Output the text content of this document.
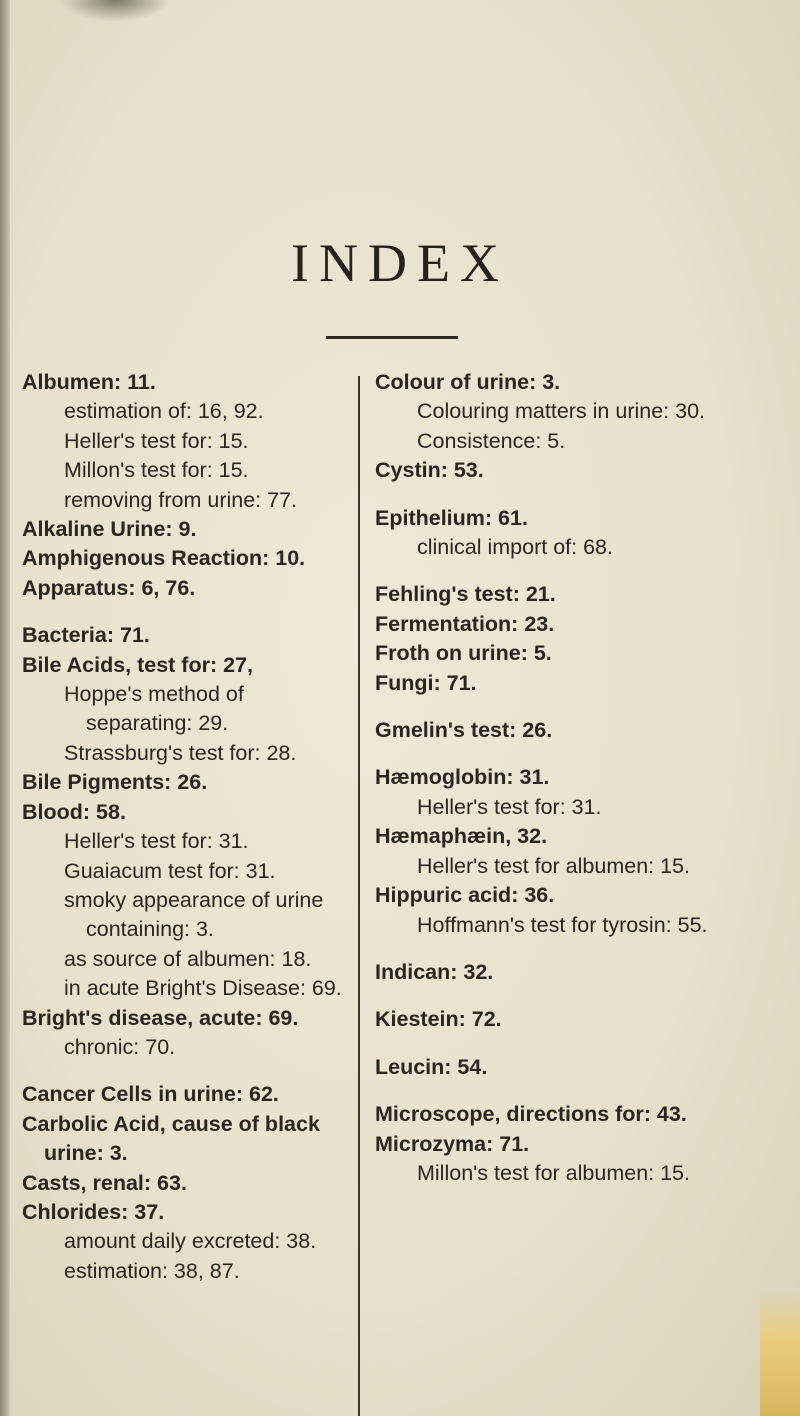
INDEX

Albumen: 11.

estimation of: 16, 92.

Heller's test for: 15.

Millon's test for: 15.

removing from urine: 77.

Alkaline Urine: 9.

Amphigenous Reaction: 10.

Apparatus: 6, 76.

Bacteria: 71.

Bile Acids, test for: 27,

Hoppe's method of separating: 29.

Strassburg's test for: 28.

Bile Pigments: 26.

Blood: 58.

Heller's test for: 31.

Guaiacum test for: 31.

smoky appearance of urine containing: 3.

as source of albumen: 18.

in acute Bright's Disease: 69.

Bright's disease, acute: 69.

chronic: 70.

Cancer Cells in urine: 62.

Carbolic Acid, cause of black urine: 3.

Casts, renal: 63.

Chlorides: 37.

amount daily excreted: 38.

estimation: 38, 87.

Colour of urine: 3.

Colouring matters in urine: 30.

Consistence: 5.

Cystin: 53.

Epithelium: 61.

clinical import of: 68.

Fehling's test: 21.

Fermentation: 23.

Froth on urine: 5.

Fungi: 71.

Gmelin's test: 26.

Hæmoglobin: 31.

Heller's test for: 31.

Hæmaphæin, 32.

Heller's test for albumen: 15.

Hippuric acid: 36.

Hoffmann's test for tyrosin: 55.

Indican: 32.

Kiestein: 72.

Leucin: 54.

Microscope, directions for: 43.

Microzyma: 71.

Millon's test for albumen: 15.
